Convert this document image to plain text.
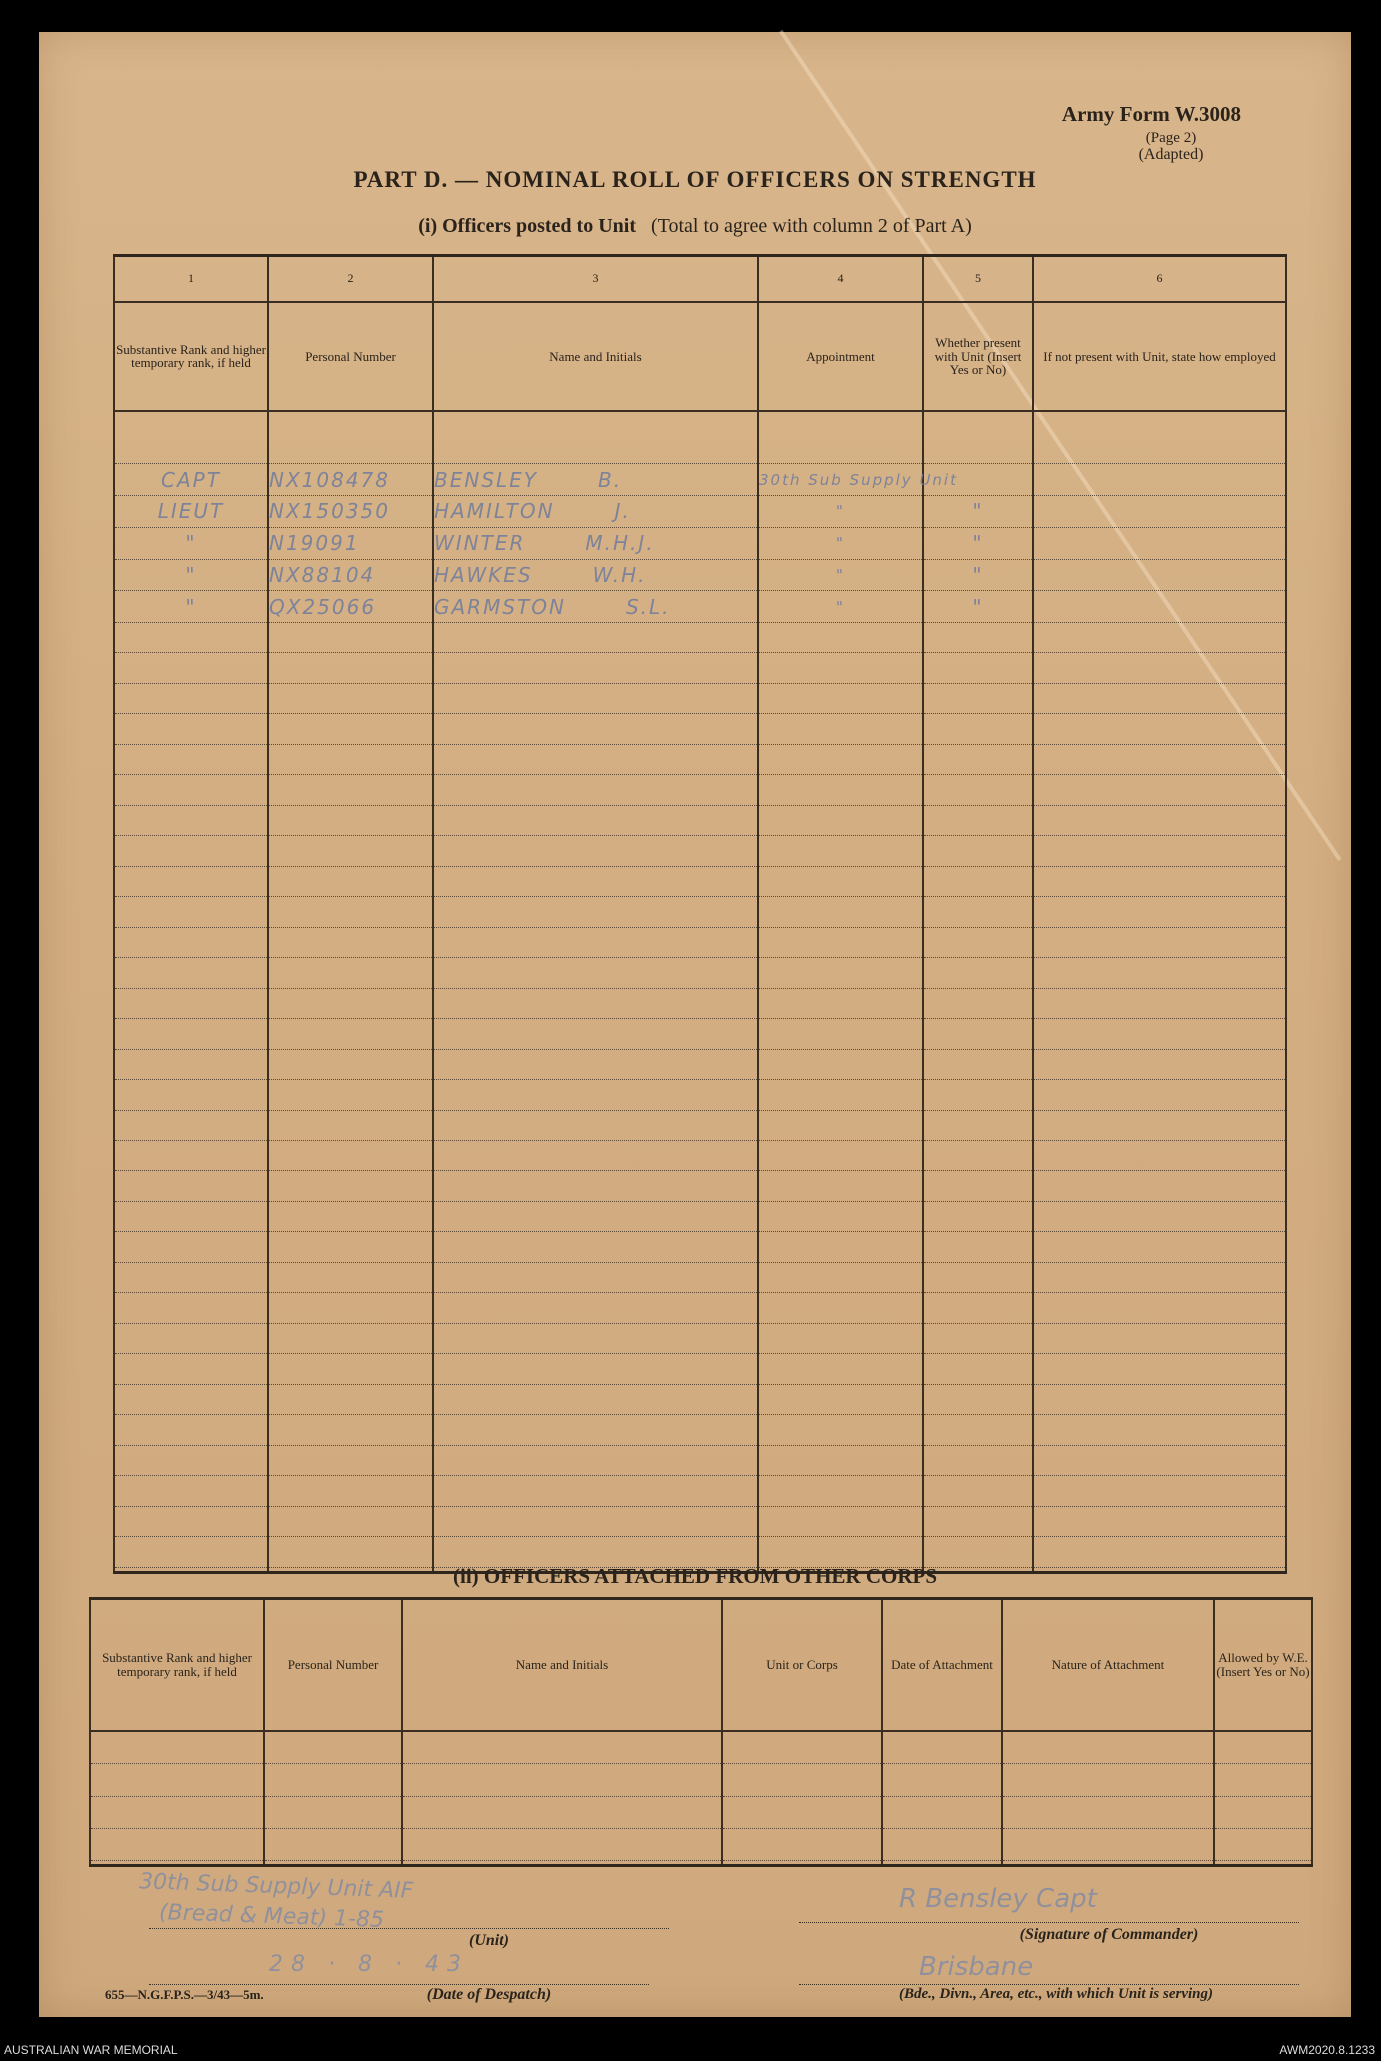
Army Form W.3008
(Page 2)
(Adapted)
PART D. — NOMINAL ROLL OF OFFICERS ON STRENGTH
(i) Officers posted to Unit (Total to agree with column 2 of Part A)
1	2	3	4	5	6
Substantive Rank and higher temporary rank, if held	Personal Number	Name and Initials	Appointment	Whether present with Unit (Insert Yes or No)	If not present with Unit, state how employed

CAPT	NX108478	BENSLEY B.	30th Sub Supply Unit		
LIEUT	NX150350	HAMILTON J.	"	"	
"	N19091	WINTER M.H.J.	"	"	
"	NX88104	HAWKES W.H.	"	"	
"	QX25066	GARMSTON S.L.	"	"	

(ii) OFFICERS ATTACHED FROM OTHER CORPS
Substantive Rank and higher temporary rank, if held	Personal Number	Name and Initials	Unit or Corps	Date of Attachment	Nature of Attachment	Allowed by W.E. (Insert Yes or No)

30th Sub Supply Unit AIF
(Bread & Meat) 1-85
(Unit)
R Bensley Capt
(Signature of Commander)
28 · 8 · 43
(Date of Despatch)
Brisbane
(Bde., Divn., Area, etc., with which Unit is serving)
655—N.G.F.P.S.—3/43—5m.
AUSTRALIAN WAR MEMORIAL	AWM2020.8.1233
